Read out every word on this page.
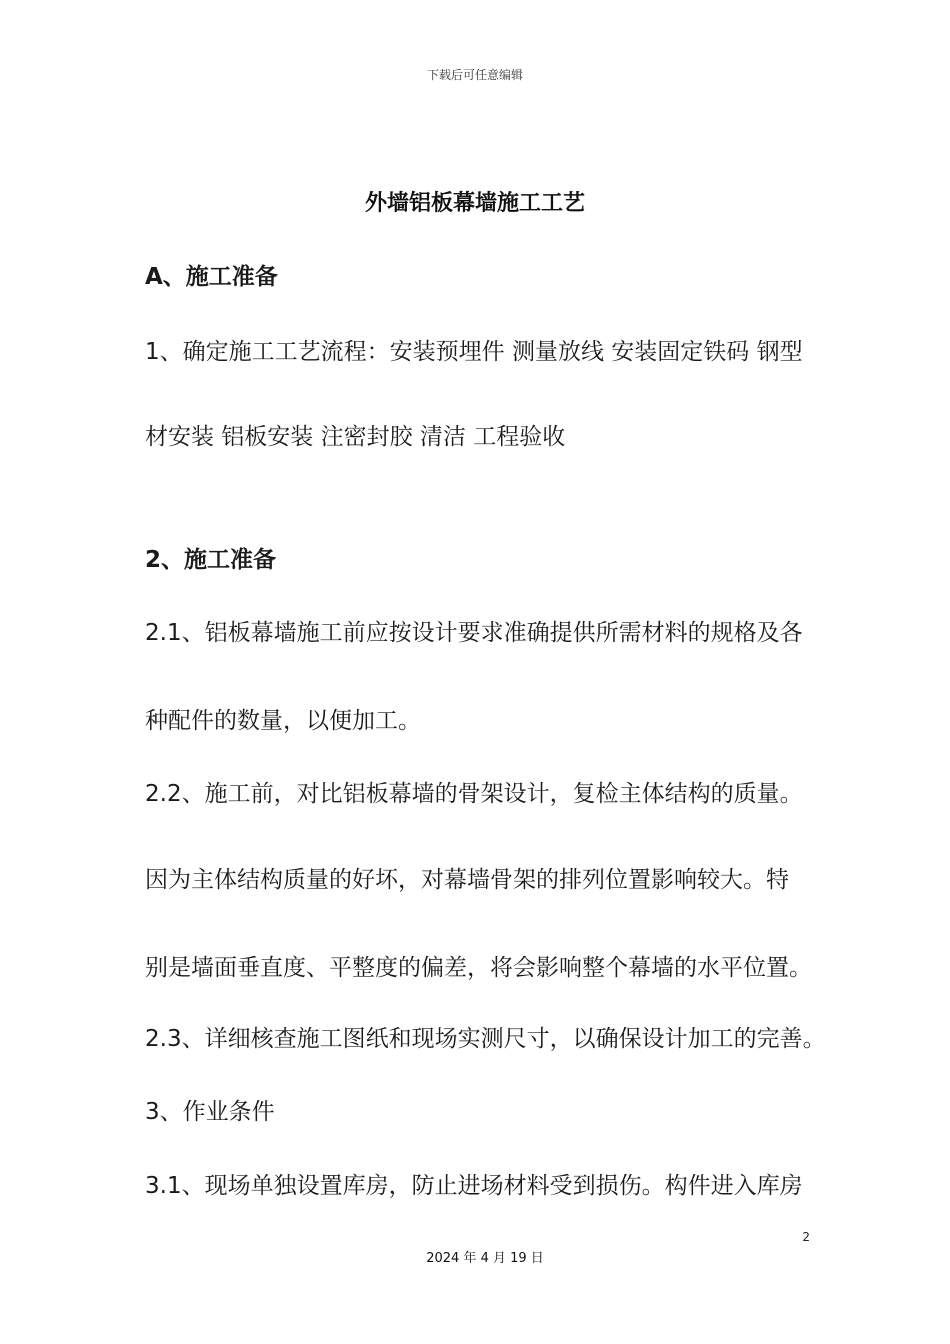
下载后可任意编辑
外墙铝板幕墙施工工艺
A、施工准备
1、确定施工工艺流程：安装预埋件 测量放线 安装固定铁码 钢型
材安装 铝板安装 注密封胶 清洁 工程验收
2、施工准备
2.1、铝板幕墙施工前应按设计要求准确提供所需材料的规格及各
种配件的数量，以便加工。
2.2、施工前，对比铝板幕墙的骨架设计，复检主体结构的质量。
因为主体结构质量的好坏，对幕墙骨架的排列位置影响较大。特
别是墙面垂直度、平整度的偏差，将会影响整个幕墙的水平位置。
2.3、详细核查施工图纸和现场实测尺寸，以确保设计加工的完善。
3、作业条件
3.1、现场单独设置库房，防止进场材料受到损伤。构件进入库房
2
2024 年 4 月 19 日
